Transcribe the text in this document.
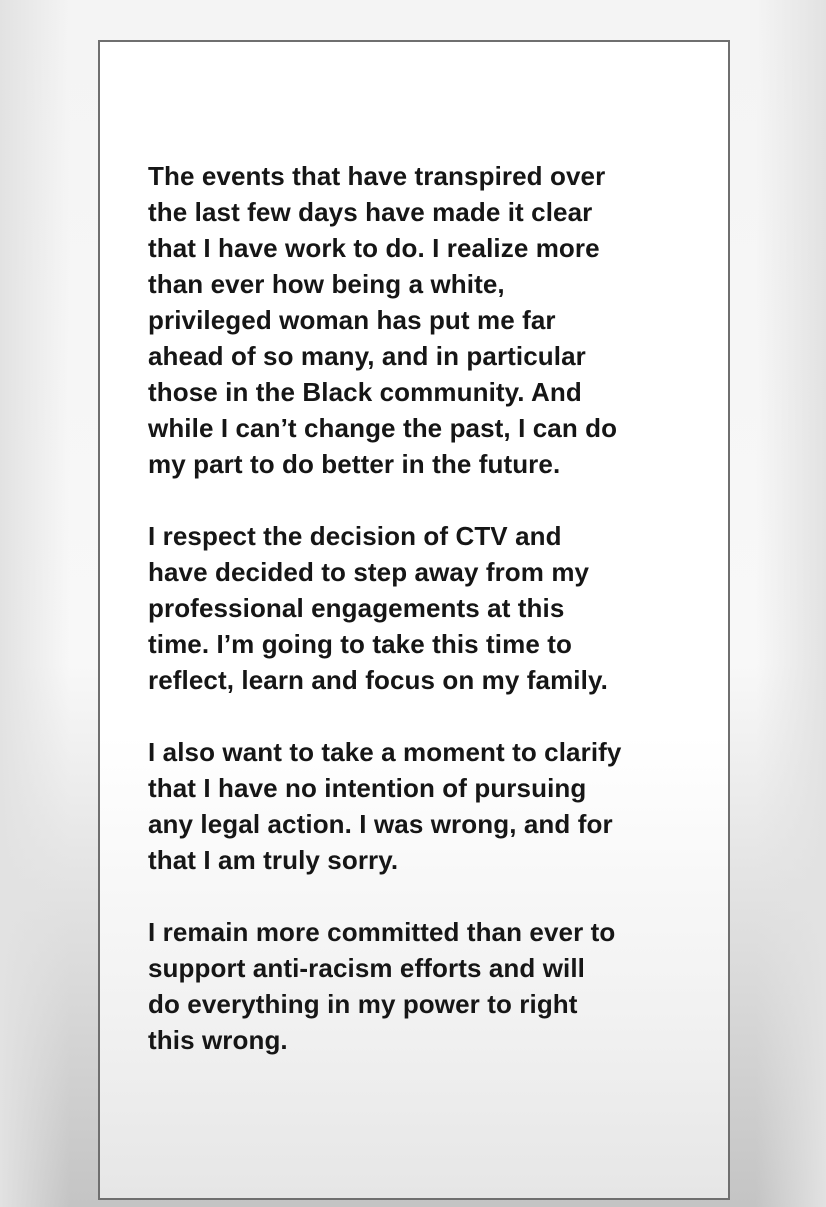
The events that have transpired over
the last few days have made it clear
that I have work to do. I realize more
than ever how being a white,
privileged woman has put me far
ahead of so many, and in particular
those in the Black community. And
while I can’t change the past, I can do
my part to do better in the future.

I respect the decision of CTV and
have decided to step away from my
professional engagements at this
time. I’m going to take this time to
reflect, learn and focus on my family.

I also want to take a moment to clarify
that I have no intention of pursuing
any legal action. I was wrong, and for
that I am truly sorry.

I remain more committed than ever to
support anti-racism efforts and will
do everything in my power to right
this wrong.
